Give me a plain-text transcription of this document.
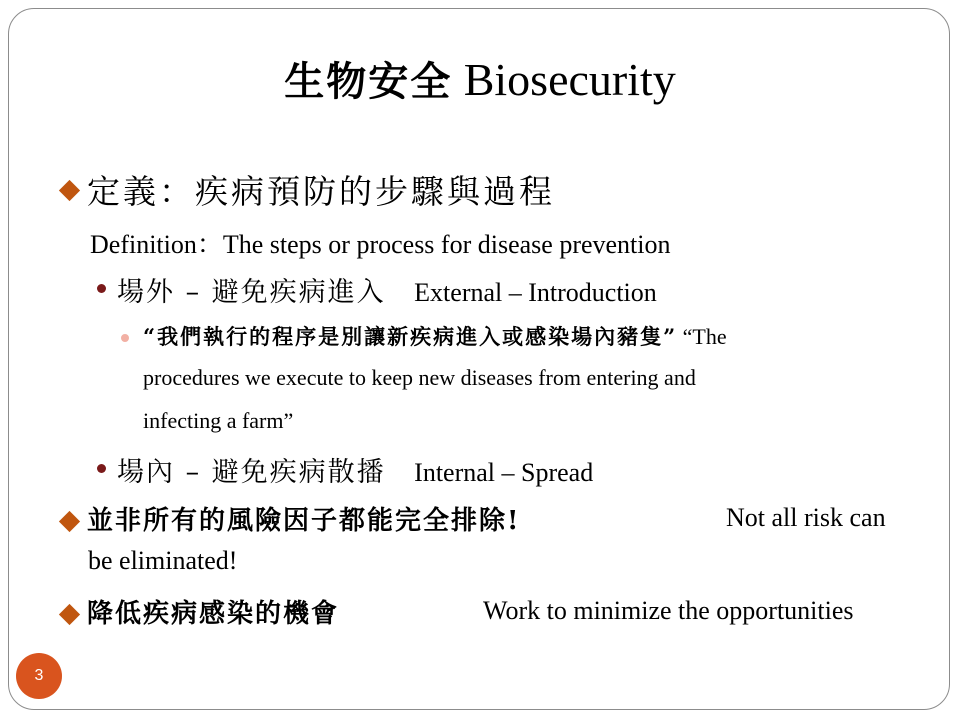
生物安全 Biosecurity
定義：疾病預防的步驟與過程
Definition：The steps or process for disease prevention
場外 – 避免疾病進入 External – Introduction
“我們執行的程序是別讓新疾病進入或感染場內豬隻” “The
procedures we execute to keep new diseases from entering and
infecting a farm”
場內 – 避免疾病散播 Internal – Spread
並非所有的風險因子都能完全排除!	Not all risk can
be eliminated!
降低疾病感染的機會	Work to minimize the opportunities
3
